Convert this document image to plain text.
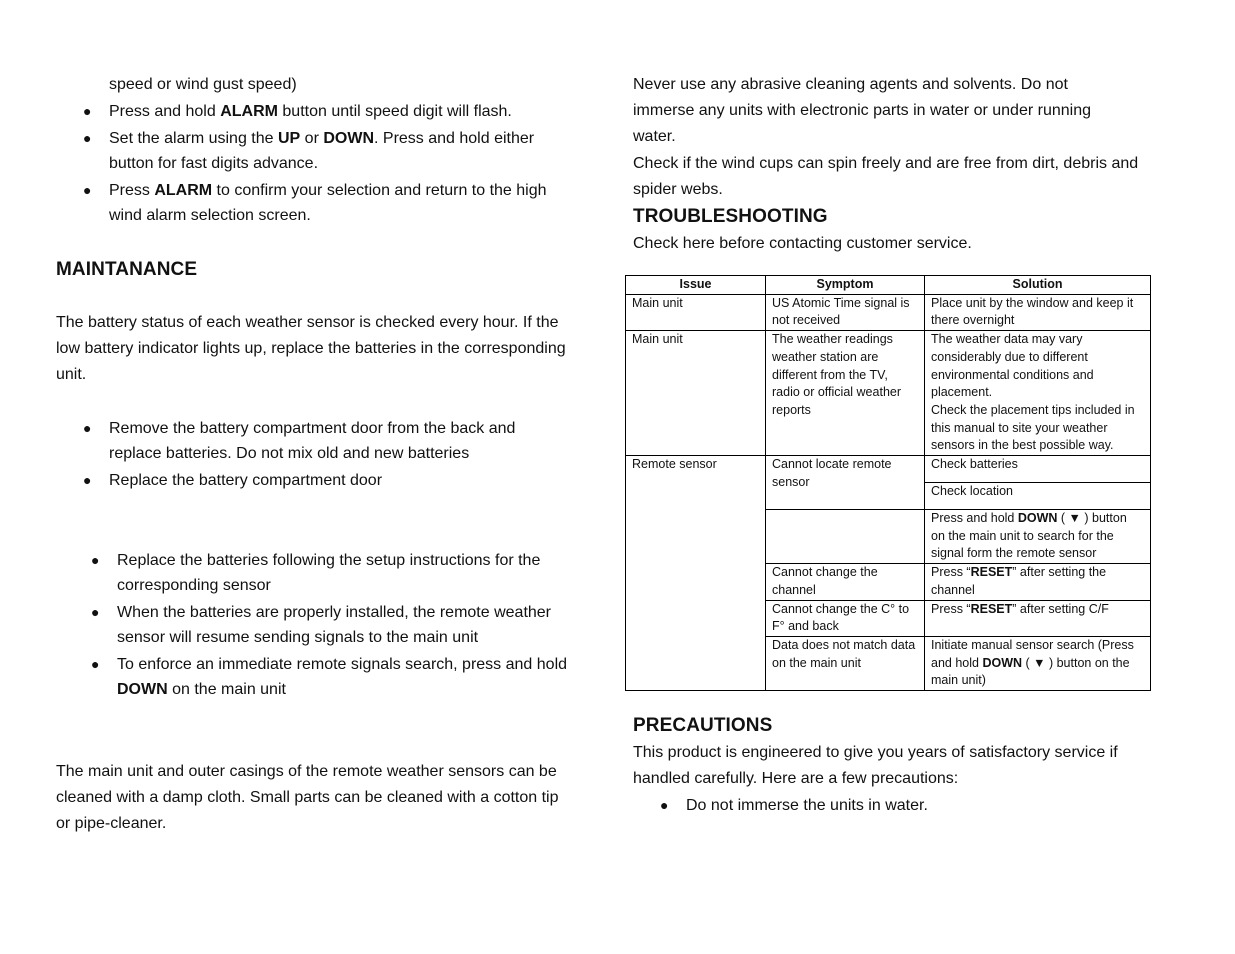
speed or wind gust speed)

● Press and hold ALARM button until speed digit will flash.
● Set the alarm using the UP or DOWN. Press and hold either button for fast digits advance.
● Press ALARM to confirm your selection and return to the high wind alarm selection screen.
MAINTANANCE

The battery status of each weather sensor is checked every hour. If the low battery indicator lights up, replace the batteries in the corresponding unit.

● Remove the battery compartment door from the back and replace batteries. Do not mix old and new batteries
● Replace the battery compartment door
● Replace the batteries following the setup instructions for the corresponding sensor
● When the batteries are properly installed, the remote weather sensor will resume sending signals to the main unit
● To enforce an immediate remote signals search, press and hold DOWN on the main unit

The main unit and outer casings of the remote weather sensors can be cleaned with a damp cloth. Small parts can be cleaned with a cotton tip or pipe-cleaner.

Never use any abrasive cleaning agents and solvents. Do not immerse any units with electronic parts in water or under running water.

Check if the wind cups can spin freely and are free from dirt, debris and spider webs.

TROUBLESHOOTING

Check here before contacting customer service.

Issue	Symptom	Solution
Main unit	US Atomic Time signal is not received	Place unit by the window and keep it there overnight
Main unit	The weather readings weather station are different from the TV, radio or official weather reports	The weather data may vary considerably due to different environmental conditions and placement.
Check the placement tips included in this manual to site your weather sensors in the best possible way.

Remote sensor	Cannot locate remote sensor	Check batteries
		Check location
		Press and hold DOWN ( ▼ ) button on the main unit to search for the signal form the remote sensor
	Cannot change the channel	Press “RESET” after setting the channel
	Cannot change the C° to F° and back	Press “RESET” after setting C/F
	Data does not match data on the main unit	Initiate manual sensor search (Press and hold DOWN ( ▼ ) button on the main unit)
PRECAUTIONS

This product is engineered to give you years of satisfactory service if handled carefully. Here are a few precautions:

● Do not immerse the units in water.
